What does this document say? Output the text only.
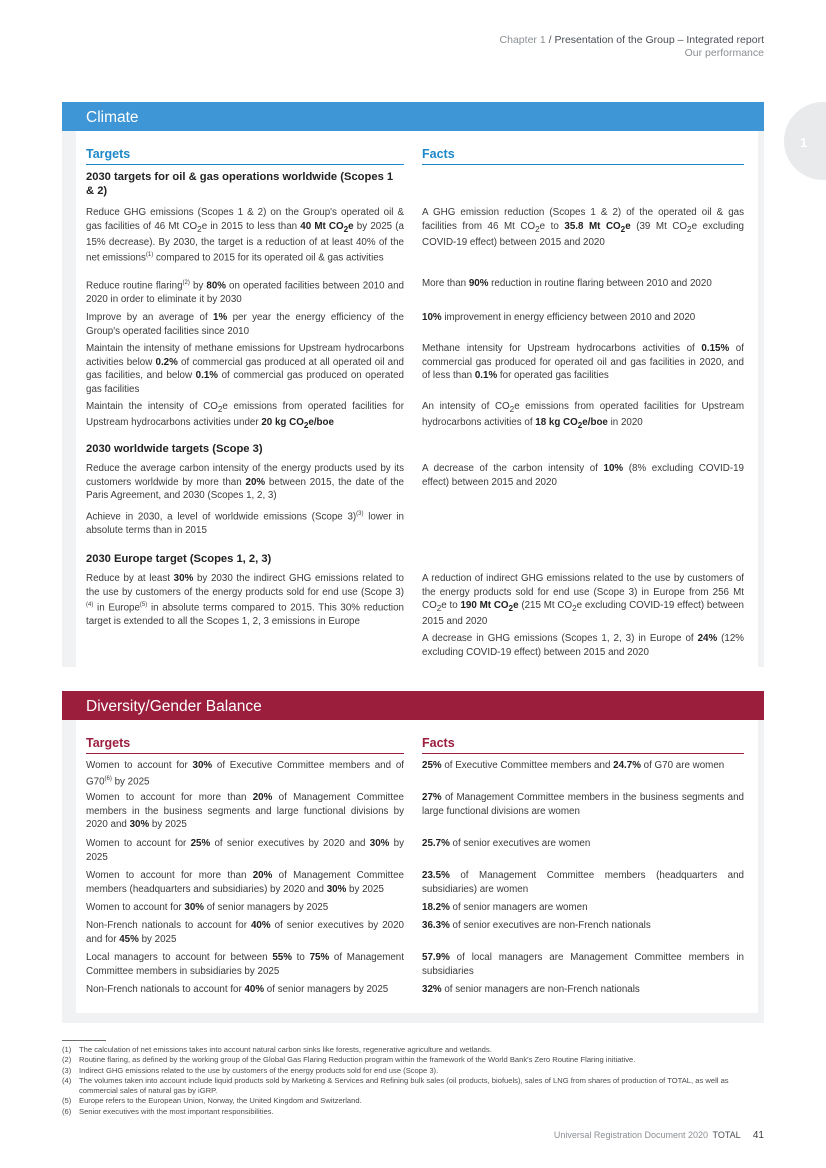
Chapter 1 / Presentation of the Group – Integrated report
Our performance
1
Climate
Targets
2030 targets for oil & gas operations worldwide (Scopes 1 & 2)
Reduce GHG emissions (Scopes 1 & 2) on the Group's operated oil & gas facilities of 46 Mt $CO_2e$ in 2015 to less than 40 Mt $CO_2e$ by 2025 (a 15% decrease). By 2030, the target is a reduction of at least 40% of the net emissions$^{(1)}$ compared to 2015 for its operated oil & gas activities
Reduce routine flaring$^{(2)}$ by 80% on operated facilities between 2010 and 2020 in order to eliminate it by 2030
Improve by an average of 1% per year the energy efficiency of the Group's operated facilities since 2010
Maintain the intensity of methane emissions for Upstream hydrocarbons activities below 0.2% of commercial gas produced at all operated oil and gas facilities, and below 0.1% of commercial gas produced on operated gas facilities
Maintain the intensity of $CO_2e$ emissions from operated facilities for Upstream hydrocarbons activities under 20 kg $CO_2e$/boe
2030 worldwide targets (Scope 3)
Reduce the average carbon intensity of the energy products used by its customers worldwide by more than 20% between 2015, the date of the Paris Agreement, and 2030 (Scopes 1, 2, 3)
Achieve in 2030, a level of worldwide emissions (Scope 3)$^{(3)}$ lower in absolute terms than in 2015
2030 Europe target (Scopes 1, 2, 3)
Reduce by at least 30% by 2030 the indirect GHG emissions related to the use by customers of the energy products sold for end use (Scope 3)$^{(4)}$ in Europe$^{(5)}$ in absolute terms compared to 2015. This 30% reduction target is extended to all the Scopes 1, 2, 3 emissions in Europe
Facts
A GHG emission reduction (Scopes 1 & 2) of the operated oil & gas facilities from 46 Mt $CO_2e$ to 35.8 Mt $CO_2e$ (39 Mt $CO_2e$ excluding COVID-19 effect) between 2015 and 2020
More than 90% reduction in routine flaring between 2010 and 2020
10% improvement in energy efficiency between 2010 and 2020
Methane intensity for Upstream hydrocarbons activities of 0.15% of commercial gas produced for operated oil and gas facilities in 2020, and of less than 0.1% for operated gas facilities
An intensity of $CO_2e$ emissions from operated facilities for Upstream hydrocarbons activities of 18 kg $CO_2e$/boe in 2020
A decrease of the carbon intensity of 10% (8% excluding COVID-19 effect) between 2015 and 2020
A reduction of indirect GHG emissions related to the use by customers of the energy products sold for end use (Scope 3) in Europe from 256 Mt $CO_2e$ to 190 Mt $CO_2e$ (215 Mt $CO_2e$ excluding COVID-19 effect) between 2015 and 2020
A decrease in GHG emissions (Scopes 1, 2, 3) in Europe of 24% (12% excluding COVID-19 effect) between 2015 and 2020
Diversity/Gender Balance
Targets
Women to account for 30% of Executive Committee members and of G70$^{(6)}$ by 2025
Women to account for more than 20% of Management Committee members in the business segments and large functional divisions by 2020 and 30% by 2025
Women to account for 25% of senior executives by 2020 and 30% by 2025
Women to account for more than 20% of Management Committee members (headquarters and subsidiaries) by 2020 and 30% by 2025
Women to account for 30% of senior managers by 2025
Non-French nationals to account for 40% of senior executives by 2020 and for 45% by 2025
Local managers to account for between 55% to 75% of Management Committee members in subsidiaries by 2025
Non-French nationals to account for 40% of senior managers by 2025
Facts
25% of Executive Committee members and 24.7% of G70 are women
27% of Management Committee members in the business segments and large functional divisions are women
25.7% of senior executives are women
23.5% of Management Committee members (headquarters and subsidiaries) are women
18.2% of senior managers are women
36.3% of senior executives are non-French nationals
57.9% of local managers are Management Committee members in subsidiaries
32% of senior managers are non-French nationals
(1) The calculation of net emissions takes into account natural carbon sinks like forests, regenerative agriculture and wetlands.
(2) Routine flaring, as defined by the working group of the Global Gas Flaring Reduction program within the framework of the World Bank's Zero Routine Flaring initiative.
(3) Indirect GHG emissions related to the use by customers of the energy products sold for end use (Scope 3).
(4) The volumes taken into account include liquid products sold by Marketing & Services and Refining bulk sales (oil products, biofuels), sales of LNG from shares of production of TOTAL, as well as commercial sales of natural gas by iGRP.
(5) Europe refers to the European Union, Norway, the United Kingdom and Switzerland.
(6) Senior executives with the most important responsibilities.
Universal Registration Document 2020 TOTAL 41
